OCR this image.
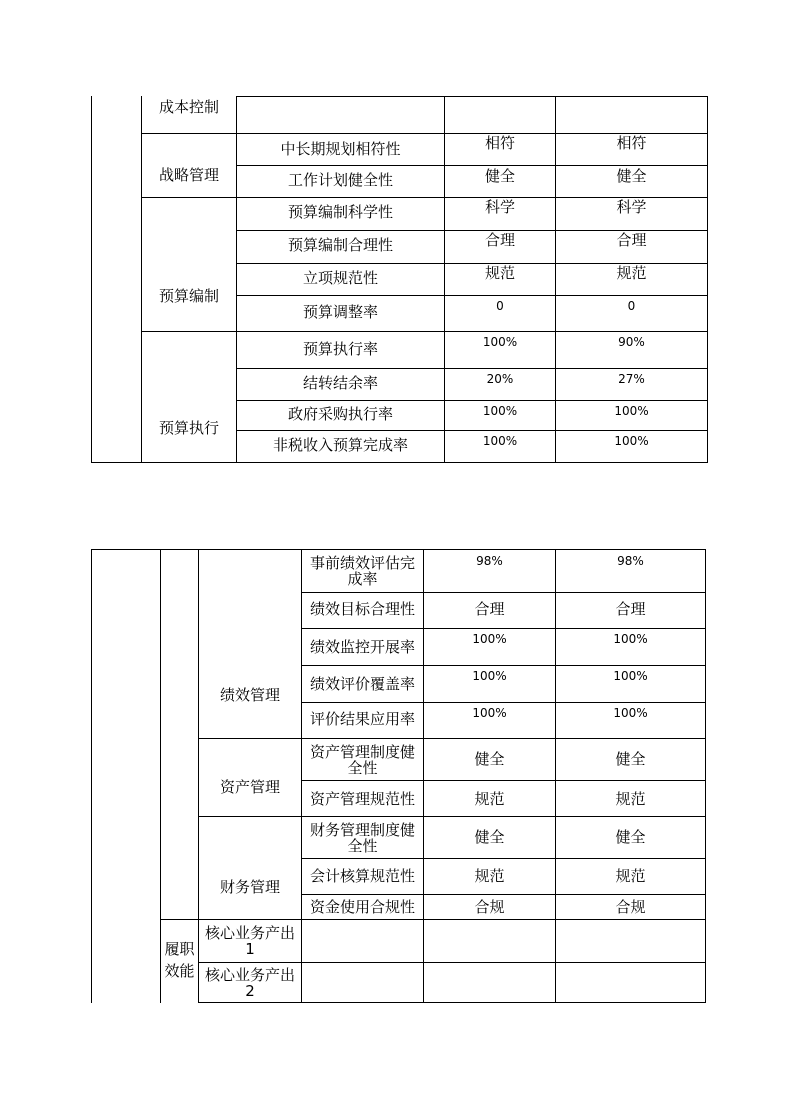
成本控制
战略管理
预算编制
预算执行
中长期规划相符性
工作计划健全性
预算编制科学性
预算编制合理性
立项规范性
预算调整率
预算执行率
结转结余率
政府采购执行率
非税收入预算完成率
相符
健全
科学
合理
规范
0
100%
20%
100%
100%
相符
健全
科学
合理
规范
0
90%
27%
100%
100%
履职
效能
绩效管理
资产管理
财务管理
事前绩效评估完
成率
绩效目标合理性
绩效监控开展率
绩效评价覆盖率
评价结果应用率
资产管理制度健
全性
资产管理规范性
财务管理制度健
全性
会计核算规范性
资金使用合规性
核心业务产出
1
核心业务产出
2
98%
合理
100%
100%
100%
健全
规范
健全
规范
合规
98%
合理
100%
100%
100%
健全
规范
健全
规范
合规
